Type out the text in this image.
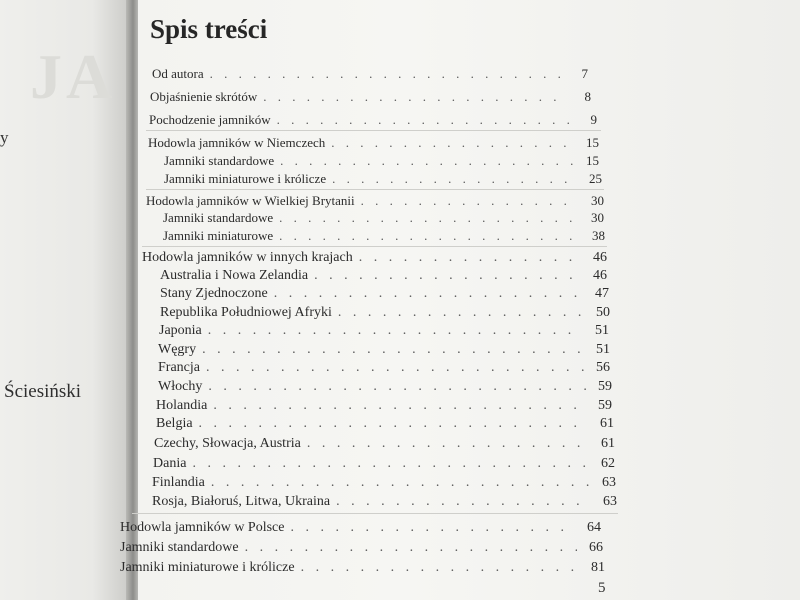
JA
y
Ściesiński
Spis treści
Od autora . . .	7
Objaśnienie skrótów . . .	8
Pochodzenie jamników . . .	9
Hodowla jamników w Niemczech . . .	15
Jamniki standardowe . . .	15
Jamniki miniaturowe i królicze . . .	25
Hodowla jamników w Wielkiej Brytanii . . .	30
Jamniki standardowe . . .	30
Jamniki miniaturowe . . .	38
Hodowla jamników w innych krajach . . .	46
Australia i Nowa Zelandia . . .	46
Stany Zjednoczone . . .	47
Republika Południowej Afryki . . .	50
Japonia . . .	51
Węgry . . .	51
Francja . . .	56
Włochy . . .	59
Holandia . . .	59
Belgia . . .	61
Czechy, Słowacja, Austria . . .	61
Dania . . .	62
Finlandia . . .	63
Rosja, Białoruś, Litwa, Ukraina . . .	63
Hodowla jamników w Polsce . . .	64
Jamniki standardowe . . .	66
Jamniki miniaturowe i królicze . . .	81
5
